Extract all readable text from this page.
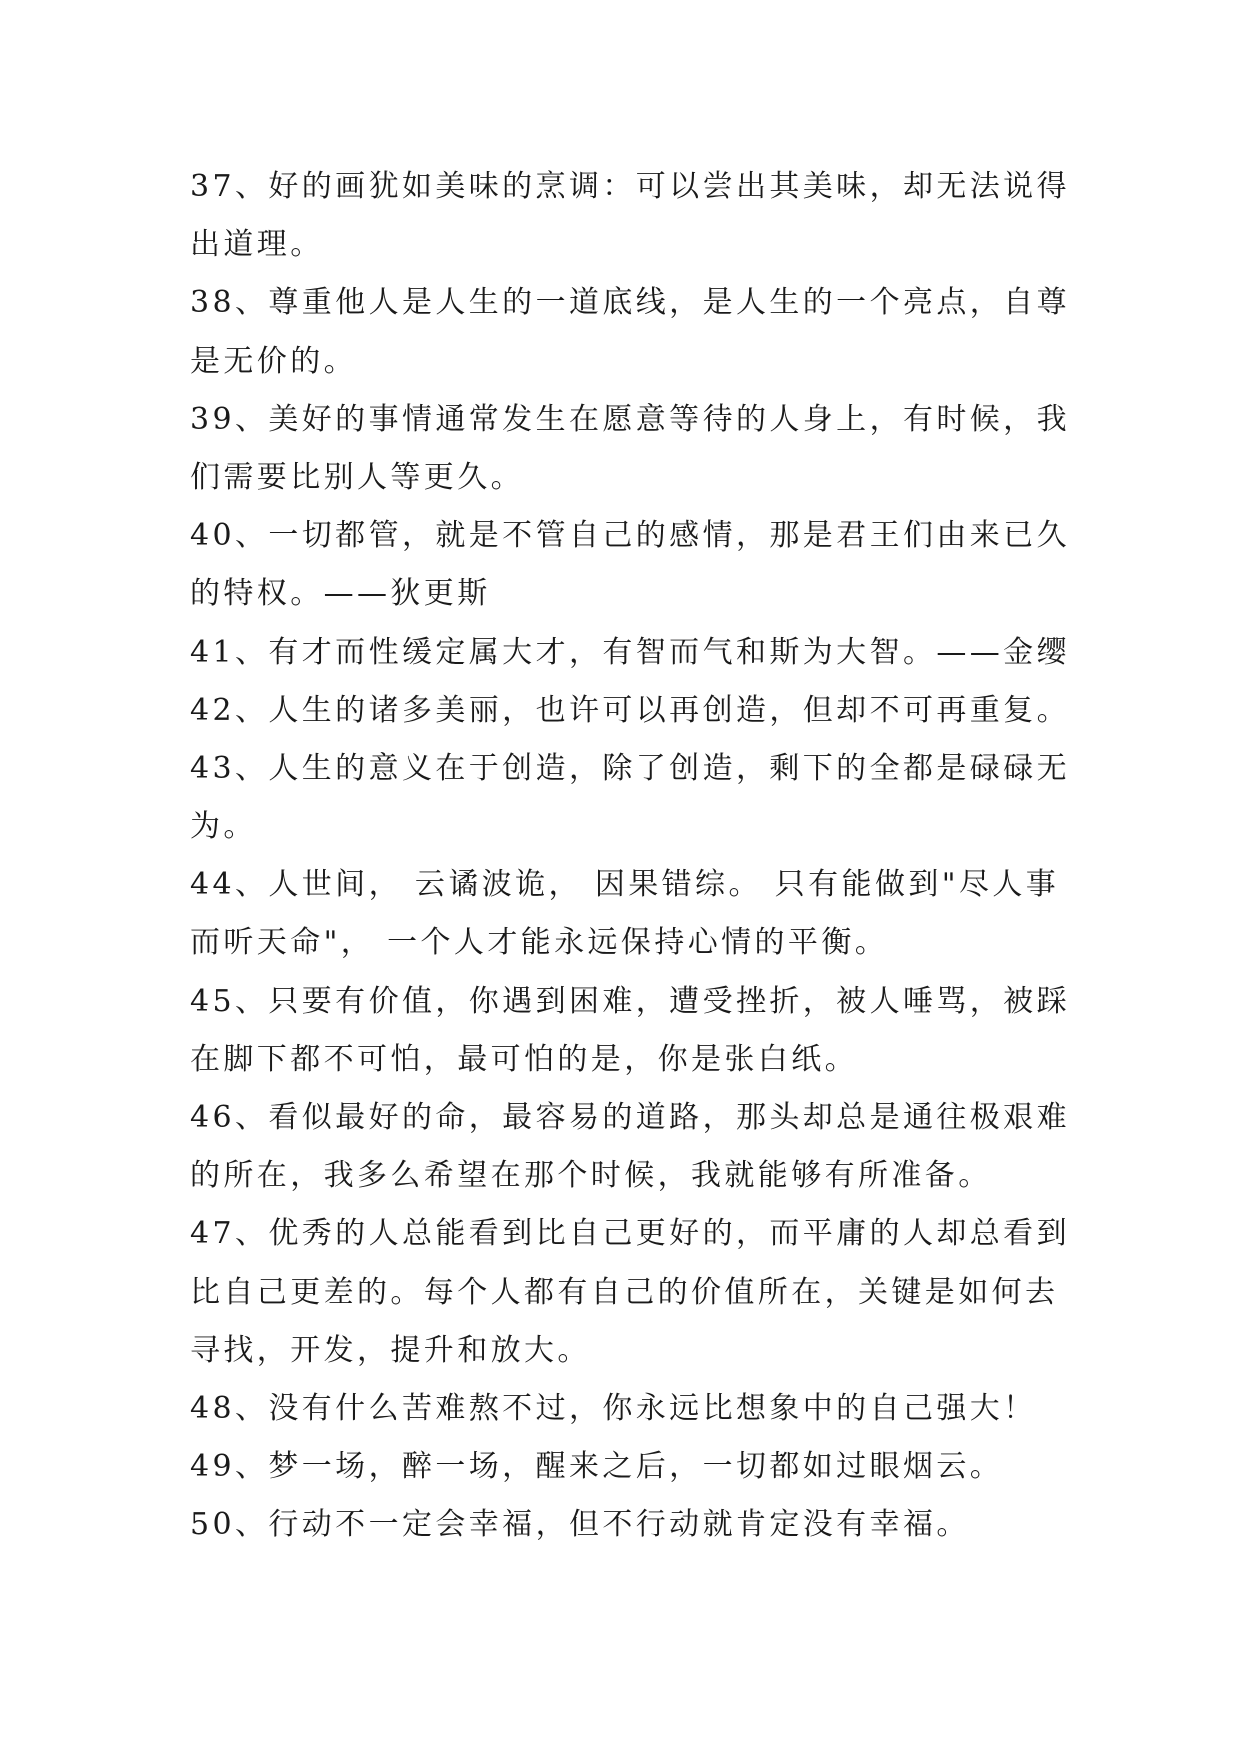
37、好的画犹如美味的烹调：可以尝出其美味，却无法说得
出道理。
38、尊重他人是人生的一道底线，是人生的一个亮点，自尊
是无价的。
39、美好的事情通常发生在愿意等待的人身上，有时候，我
们需要比别人等更久。
40、一切都管，就是不管自己的感情，那是君王们由来已久
的特权。——狄更斯
41、有才而性缓定属大才，有智而气和斯为大智。——金缨
42、人生的诸多美丽，也许可以再创造，但却不可再重复。
43、人生的意义在于创造，除了创造，剩下的全都是碌碌无
为。
44、人世间， 云谲波诡， 因果错综。 只有能做到"尽人事
而听天命"， 一个人才能永远保持心情的平衡。
45、只要有价值，你遇到困难，遭受挫折，被人唾骂，被踩
在脚下都不可怕，最可怕的是，你是张白纸。
46、看似最好的命，最容易的道路，那头却总是通往极艰难
的所在，我多么希望在那个时候，我就能够有所准备。
47、优秀的人总能看到比自己更好的，而平庸的人却总看到
比自己更差的。每个人都有自己的价值所在，关键是如何去
寻找，开发，提升和放大。
48、没有什么苦难熬不过，你永远比想象中的自己强大！
49、梦一场，醉一场，醒来之后，一切都如过眼烟云。
50、行动不一定会幸福，但不行动就肯定没有幸福。
